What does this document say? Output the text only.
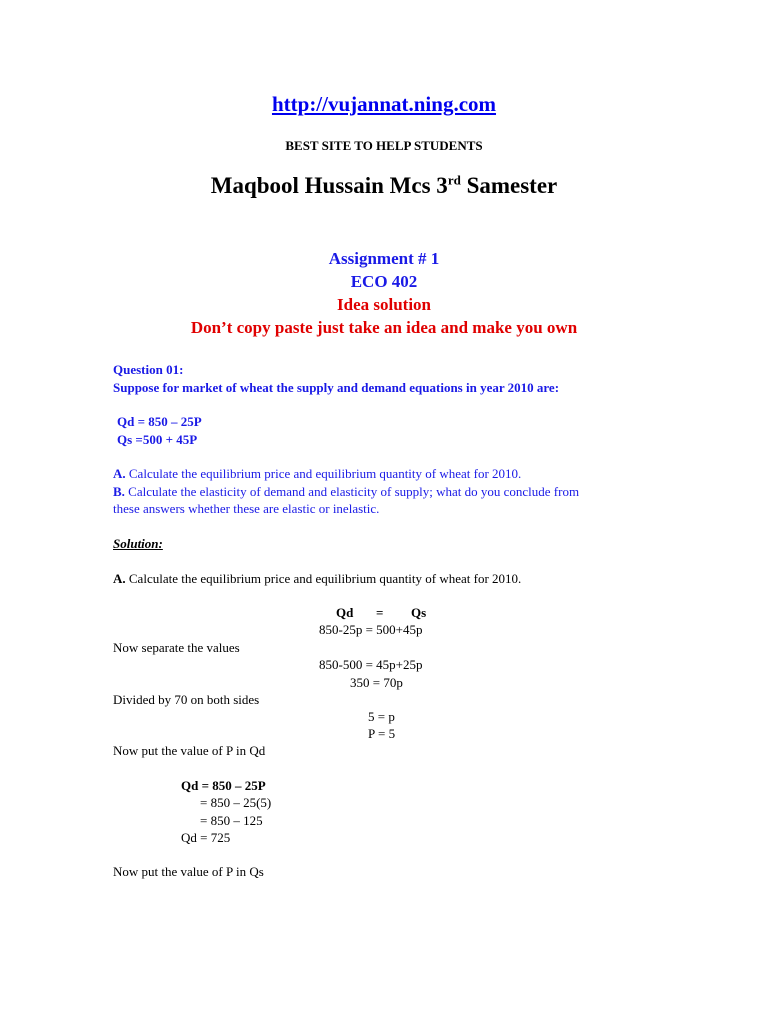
http://vujannat.ning.com
BEST SITE TO HELP STUDENTS
Maqbool Hussain Mcs 3rd Samester
Assignment # 1
ECO 402
Idea solution
Don’t copy paste just take an idea and make you own
Question 01:
Suppose for market of wheat the supply and demand equations in year 2010 are:
Qd = 850 – 25P
Qs =500 + 45P
A. Calculate the equilibrium price and equilibrium quantity of wheat for 2010.
B. Calculate the elasticity of demand and elasticity of supply; what do you conclude from
these answers whether these are elastic or inelastic.
Solution:
A. Calculate the equilibrium price and equilibrium quantity of wheat for 2010.
Qd = Qs
850-25p = 500+45p
Now separate the values
850-500 = 45p+25p
350 = 70p
Divided by 70 on both sides
5 = p
P = 5
Now put the value of P in Qd
Qd = 850 – 25P
= 850 – 25(5)
= 850 – 125
Qd = 725
Now put the value of P in Qs
